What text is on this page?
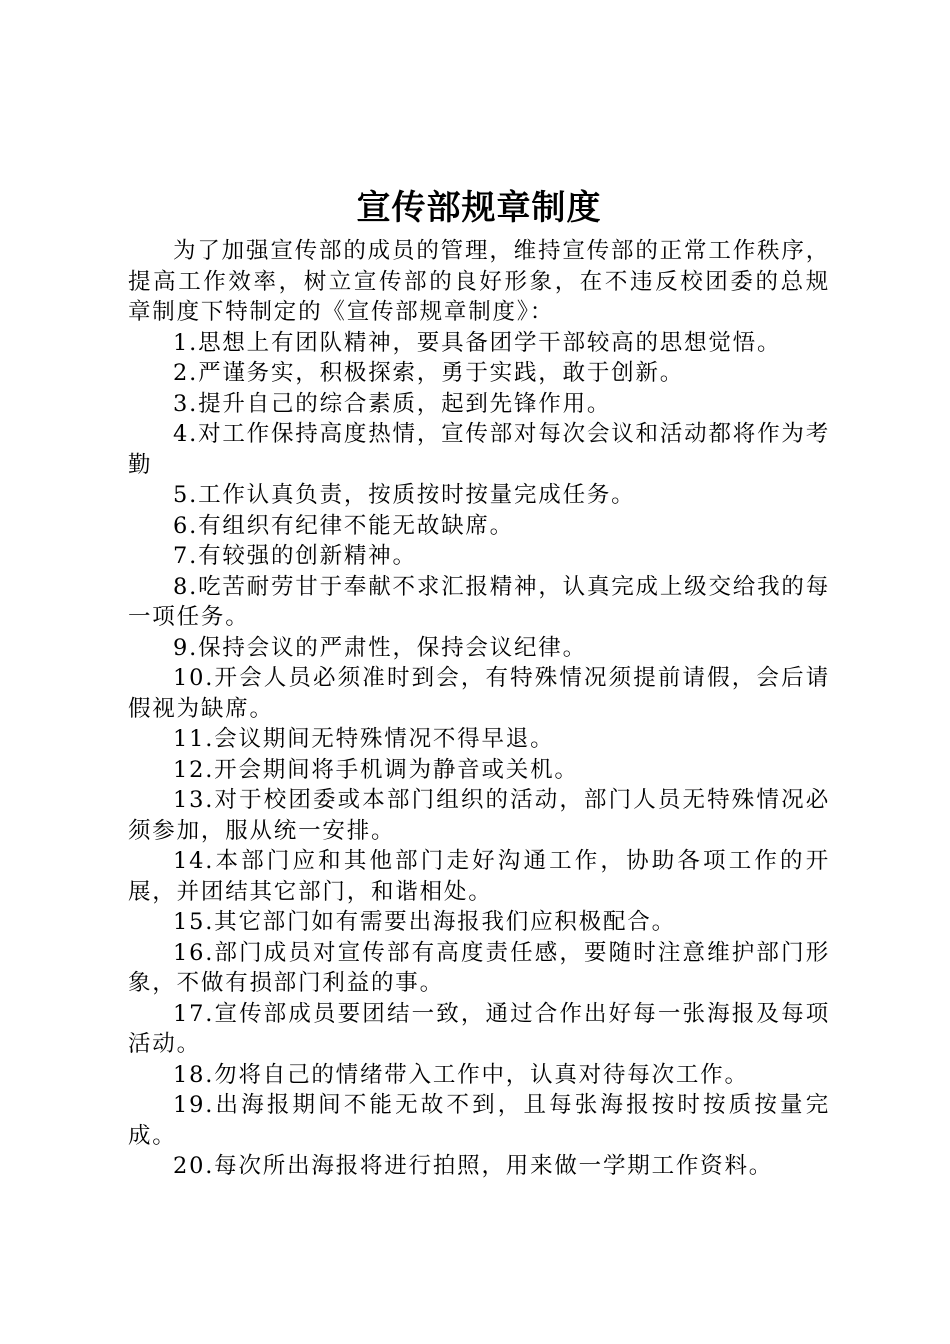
宣传部规章制度

为了加强宣传部的成员的管理，维持宣传部的正常工作秩序，提高工作效率，树立宣传部的良好形象，在不违反校团委的总规章制度下特制定的《宣传部规章制度》：

1.思想上有团队精神，要具备团学干部较高的思想觉悟。

2.严谨务实，积极探索，勇于实践，敢于创新。

3.提升自己的综合素质，起到先锋作用。

4.对工作保持高度热情，宣传部对每次会议和活动都将作为考勤

5.工作认真负责，按质按时按量完成任务。

6.有组织有纪律不能无故缺席。

7.有较强的创新精神。

8.吃苦耐劳甘于奉献不求汇报精神，认真完成上级交给我的每一项任务。

9.保持会议的严肃性，保持会议纪律。

10.开会人员必须准时到会，有特殊情况须提前请假，会后请假视为缺席。

11.会议期间无特殊情况不得早退。

12.开会期间将手机调为静音或关机。

13.对于校团委或本部门组织的活动，部门人员无特殊情况必须参加，服从统一安排。

14.本部门应和其他部门走好沟通工作，协助各项工作的开展，并团结其它部门，和谐相处。

15.其它部门如有需要出海报我们应积极配合。

16.部门成员对宣传部有高度责任感，要随时注意维护部门形象，不做有损部门利益的事。

17.宣传部成员要团结一致，通过合作出好每一张海报及每项活动。

18.勿将自己的情绪带入工作中，认真对待每次工作。

19.出海报期间不能无故不到，且每张海报按时按质按量完成。

20.每次所出海报将进行拍照，用来做一学期工作资料。
